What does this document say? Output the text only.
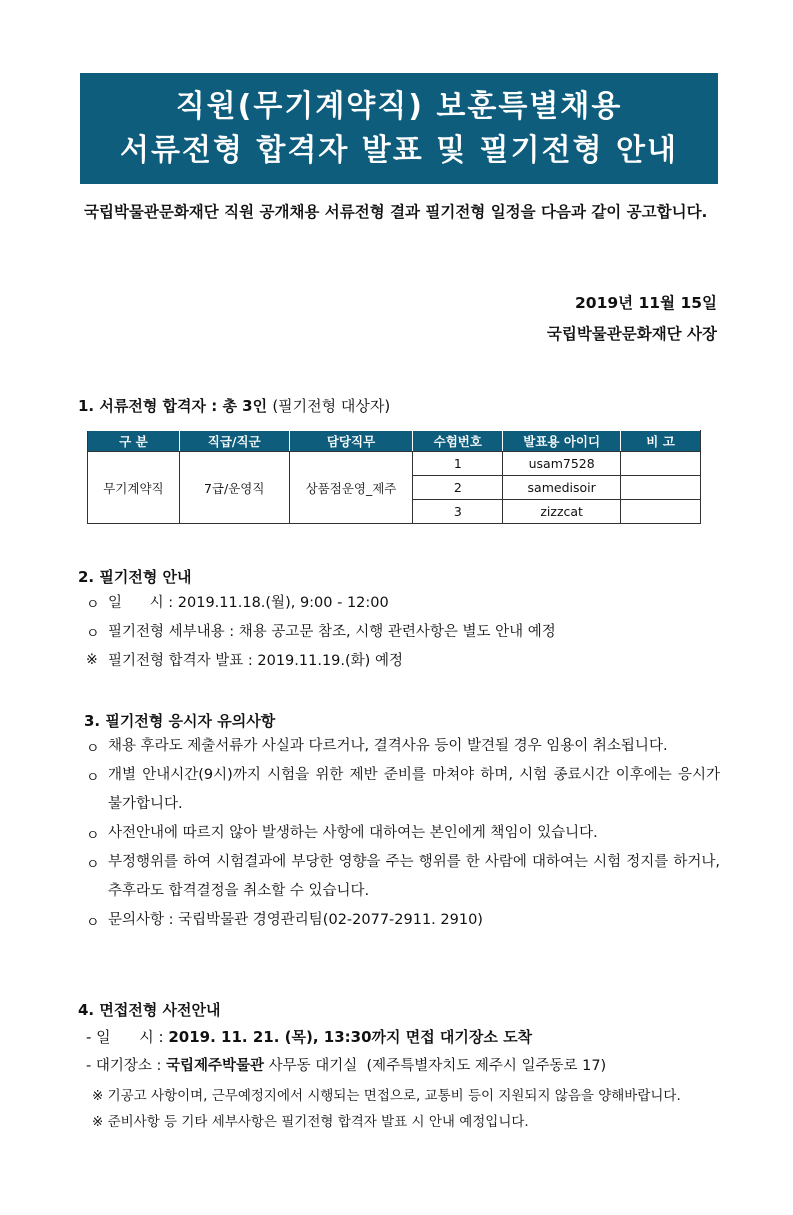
직원(무기계약직) 보훈특별채용
서류전형 합격자 발표 및 필기전형 안내
국립박물관문화재단 직원 공개채용 서류전형 결과 필기전형 일정을 다음과 같이 공고합니다.
2019년 11월 15일
국립박물관문화재단 사장
1. 서류전형 합격자 : 총 3인 (필기전형 대상자)
구 분	직급/직군	담당직무	수험번호	발표용 아이디	비 고
무기계약직	7급/운영직	상품점운영_제주	1	usam7528	
			2	samedisoir	
			3	zizzcat	
2. 필기전형 안내
ㅇ 일      시 : 2019.11.18.(월), 9:00 - 12:00
ㅇ 필기전형 세부내용 : 채용 공고문 참조, 시행 관련사항은 별도 안내 예정
※ 필기전형 합격자 발표 : 2019.11.19.(화) 예정
3. 필기전형 응시자 유의사항
ㅇ 채용 후라도 제출서류가 사실과 다르거나, 결격사유 등이 발견될 경우 임용이 취소됩니다.
ㅇ 개별 안내시간(9시)까지 시험을 위한 제반 준비를 마쳐야 하며, 시험 종료시간 이후에는 응시가 불가합니다.
ㅇ 사전안내에 따르지 않아 발생하는 사항에 대하여는 본인에게 책임이 있습니다.
ㅇ 부정행위를 하여 시험결과에 부당한 영향을 주는 행위를 한 사람에 대하여는 시험 정지를 하거나, 추후라도 합격결정을 취소할 수 있습니다.
ㅇ 문의사항 : 국립박물관 경영관리팀(02-2077-2911. 2910)
4. 면접전형 사전안내
- 일      시 : 2019. 11. 21. (목), 13:30까지 면접 대기장소 도착
- 대기장소 : 국립제주박물관 사무동 대기실  (제주특별자치도 제주시 일주동로 17)
※ 기공고 사항이며, 근무예정지에서 시행되는 면접으로, 교통비 등이 지원되지 않음을 양해바랍니다.
※ 준비사항 등 기타 세부사항은 필기전형 합격자 발표 시 안내 예정입니다.
